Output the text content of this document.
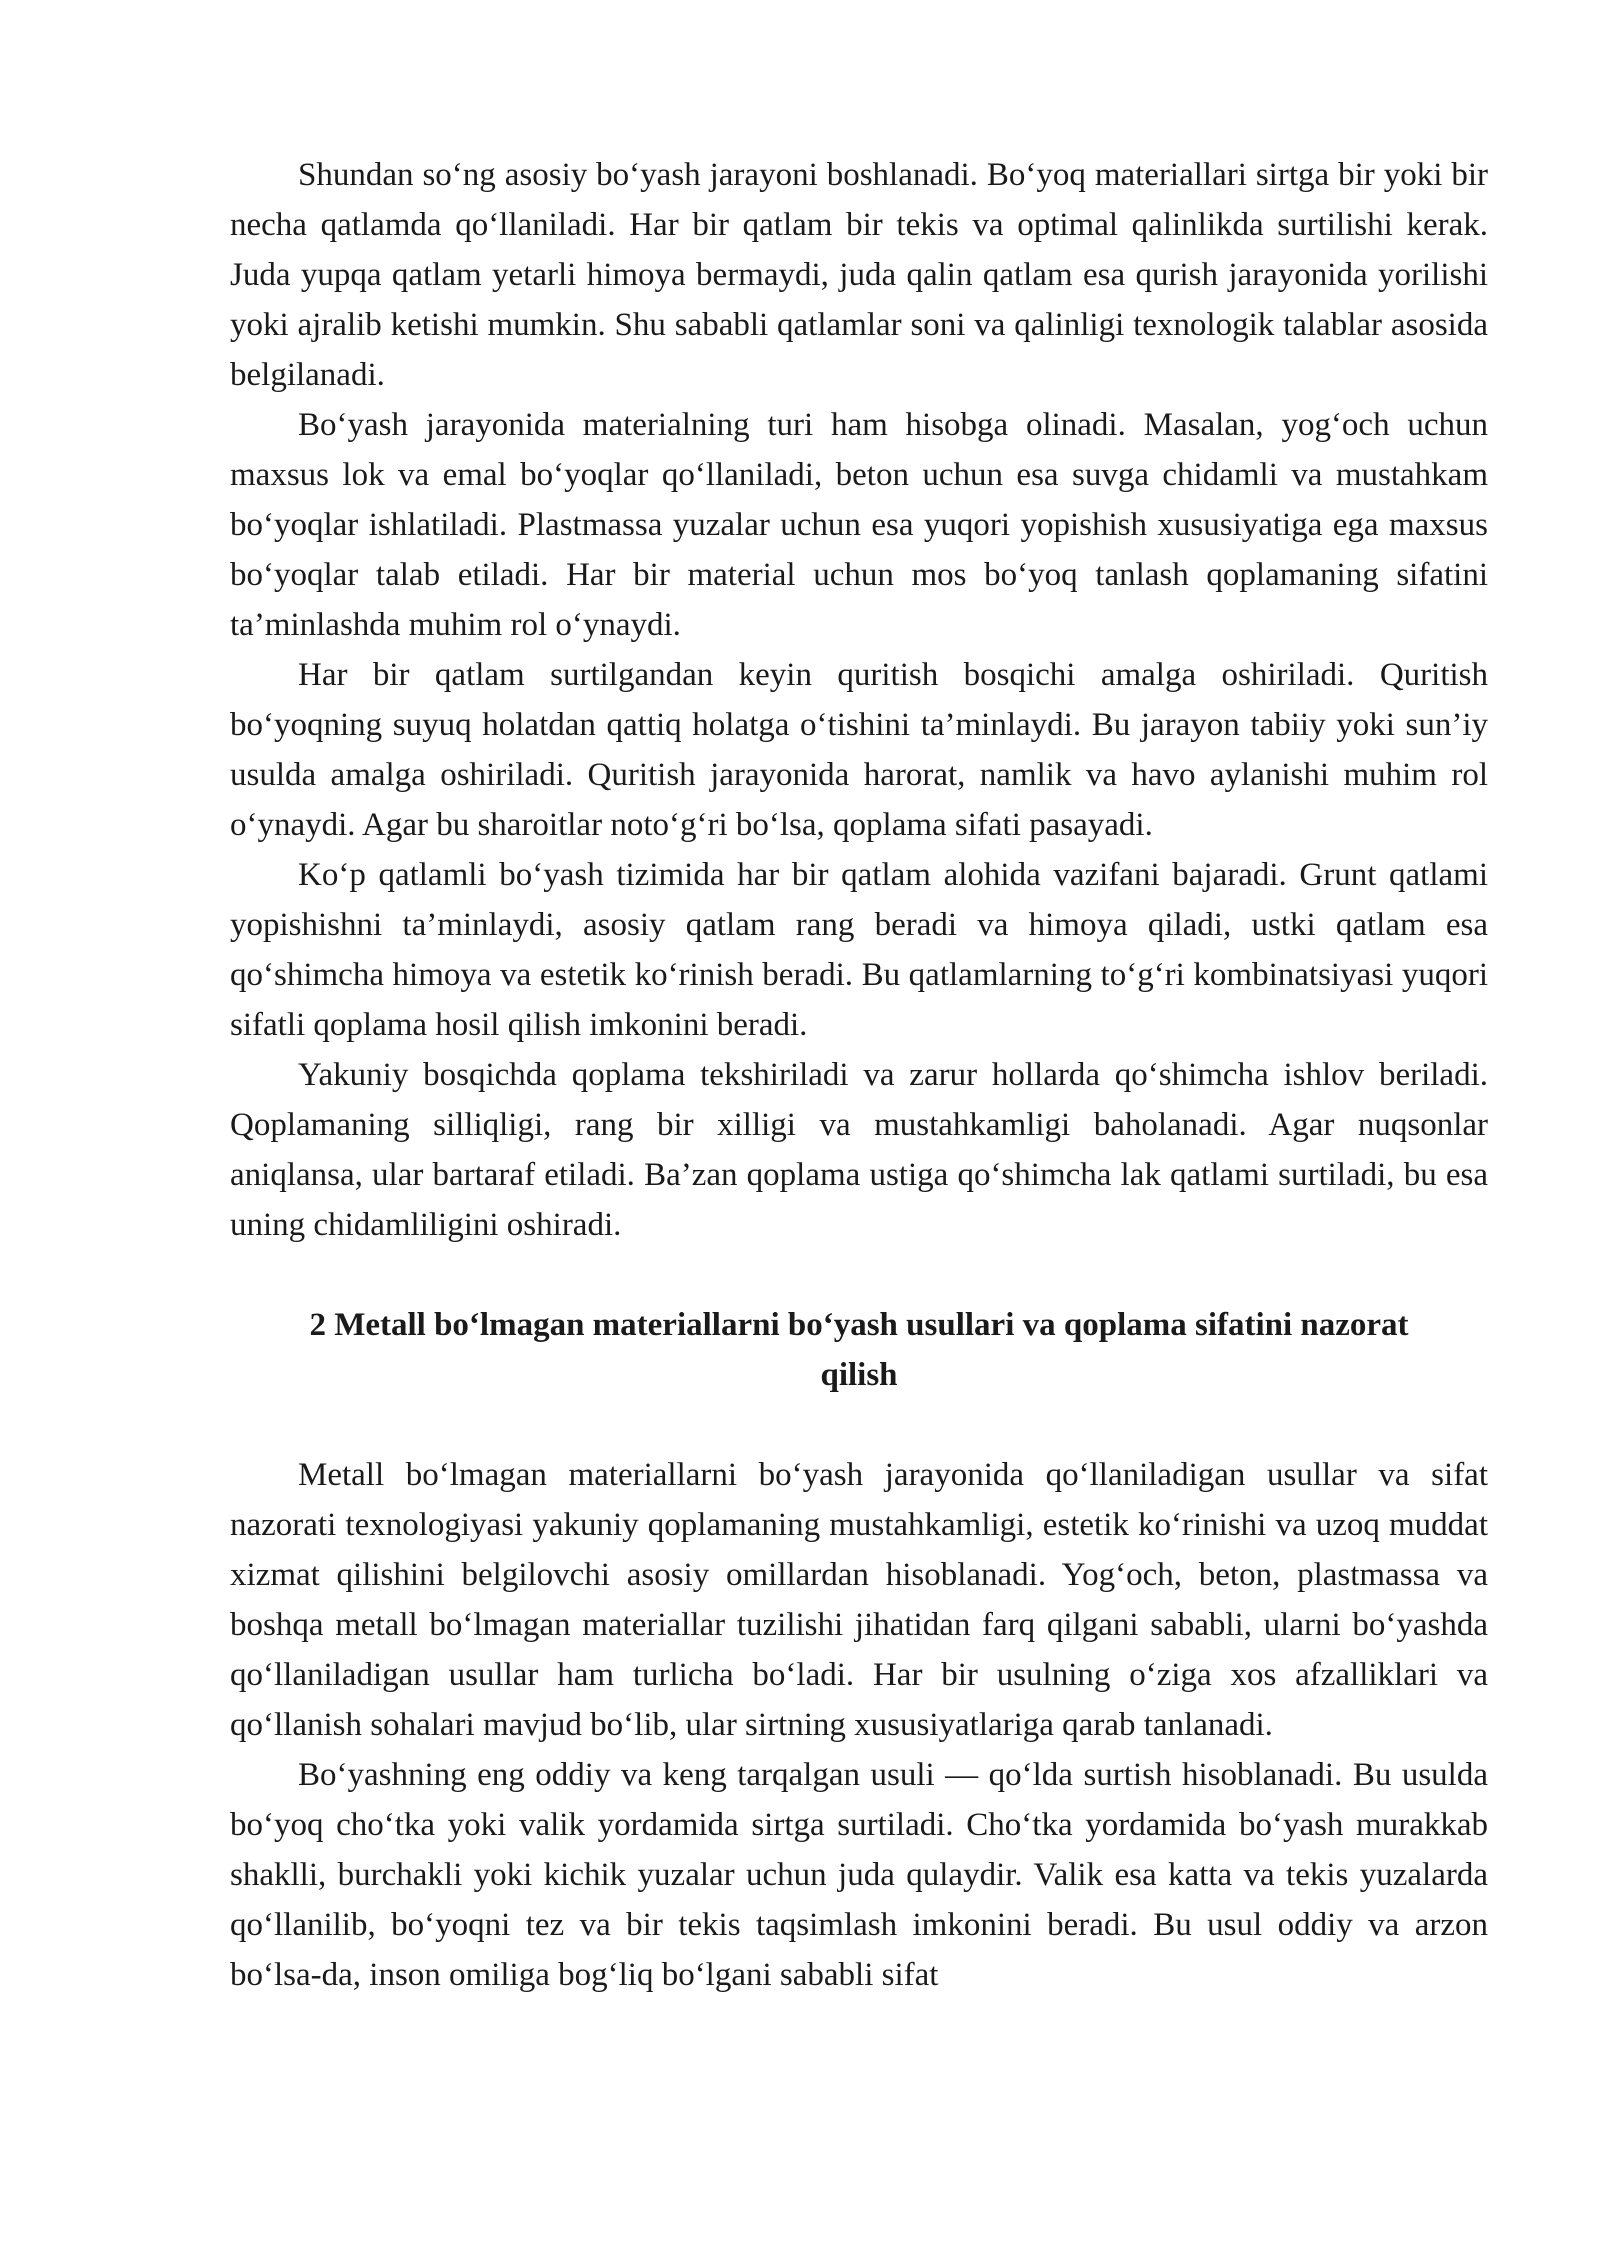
Shundan so‘ng asosiy bo‘yash jarayoni boshlanadi. Bo‘yoq materiallari sirtga bir yoki bir necha qatlamda qo‘llaniladi. Har bir qatlam bir tekis va optimal qalinlikda surtilishi kerak. Juda yupqa qatlam yetarli himoya bermaydi, juda qalin qatlam esa qurish jarayonida yorilishi yoki ajralib ketishi mumkin. Shu sababli qatlamlar soni va qalinligi texnologik talablar asosida belgilanadi.

Bo‘yash jarayonida materialning turi ham hisobga olinadi. Masalan, yog‘och uchun maxsus lok va emal bo‘yoqlar qo‘llaniladi, beton uchun esa suvga chidamli va mustahkam bo‘yoqlar ishlatiladi. Plastmassa yuzalar uchun esa yuqori yopishish xususiyatiga ega maxsus bo‘yoqlar talab etiladi. Har bir material uchun mos bo‘yoq tanlash qoplamaning sifatini ta’minlashda muhim rol o‘ynaydi.

Har bir qatlam surtilgandan keyin quritish bosqichi amalga oshiriladi. Quritish bo‘yoqning suyuq holatdan qattiq holatga o‘tishini ta’minlaydi. Bu jarayon tabiiy yoki sun’iy usulda amalga oshiriladi. Quritish jarayonida harorat, namlik va havo aylanishi muhim rol o‘ynaydi. Agar bu sharoitlar noto‘g‘ri bo‘lsa, qoplama sifati pasayadi.

Ko‘p qatlamli bo‘yash tizimida har bir qatlam alohida vazifani bajaradi. Grunt qatlami yopishishni ta’minlaydi, asosiy qatlam rang beradi va himoya qiladi, ustki qatlam esa qo‘shimcha himoya va estetik ko‘rinish beradi. Bu qatlamlarning to‘g‘ri kombinatsiyasi yuqori sifatli qoplama hosil qilish imkonini beradi.

Yakuniy bosqichda qoplama tekshiriladi va zarur hollarda qo‘shimcha ishlov beriladi. Qoplamaning silliqligi, rang bir xilligi va mustahkamligi baholanadi. Agar nuqsonlar aniqlansa, ular bartaraf etiladi. Ba’zan qoplama ustiga qo‘shimcha lak qatlami surtiladi, bu esa uning chidamliligini oshiradi.

2 Metall bo‘lmagan materiallarni bo‘yash usullari va qoplama sifatini nazorat qilish

Metall bo‘lmagan materiallarni bo‘yash jarayonida qo‘llaniladigan usullar va sifat nazorati texnologiyasi yakuniy qoplamaning mustahkamligi, estetik ko‘rinishi va uzoq muddat xizmat qilishini belgilovchi asosiy omillardan hisoblanadi. Yog‘och, beton, plastmassa va boshqa metall bo‘lmagan materiallar tuzilishi jihatidan farq qilgani sababli, ularni bo‘yashda qo‘llaniladigan usullar ham turlicha bo‘ladi. Har bir usulning o‘ziga xos afzalliklari va qo‘llanish sohalari mavjud bo‘lib, ular sirtning xususiyatlariga qarab tanlanadi.

Bo‘yashning eng oddiy va keng tarqalgan usuli — qo‘lda surtish hisoblanadi. Bu usulda bo‘yoq cho‘tka yoki valik yordamida sirtga surtiladi. Cho‘tka yordamida bo‘yash murakkab shaklli, burchakli yoki kichik yuzalar uchun juda qulaydir. Valik esa katta va tekis yuzalarda qo‘llanilib, bo‘yoqni tez va bir tekis taqsimlash imkonini beradi. Bu usul oddiy va arzon bo‘lsa-da, inson omiliga bog‘liq bo‘lgani sababli sifat
